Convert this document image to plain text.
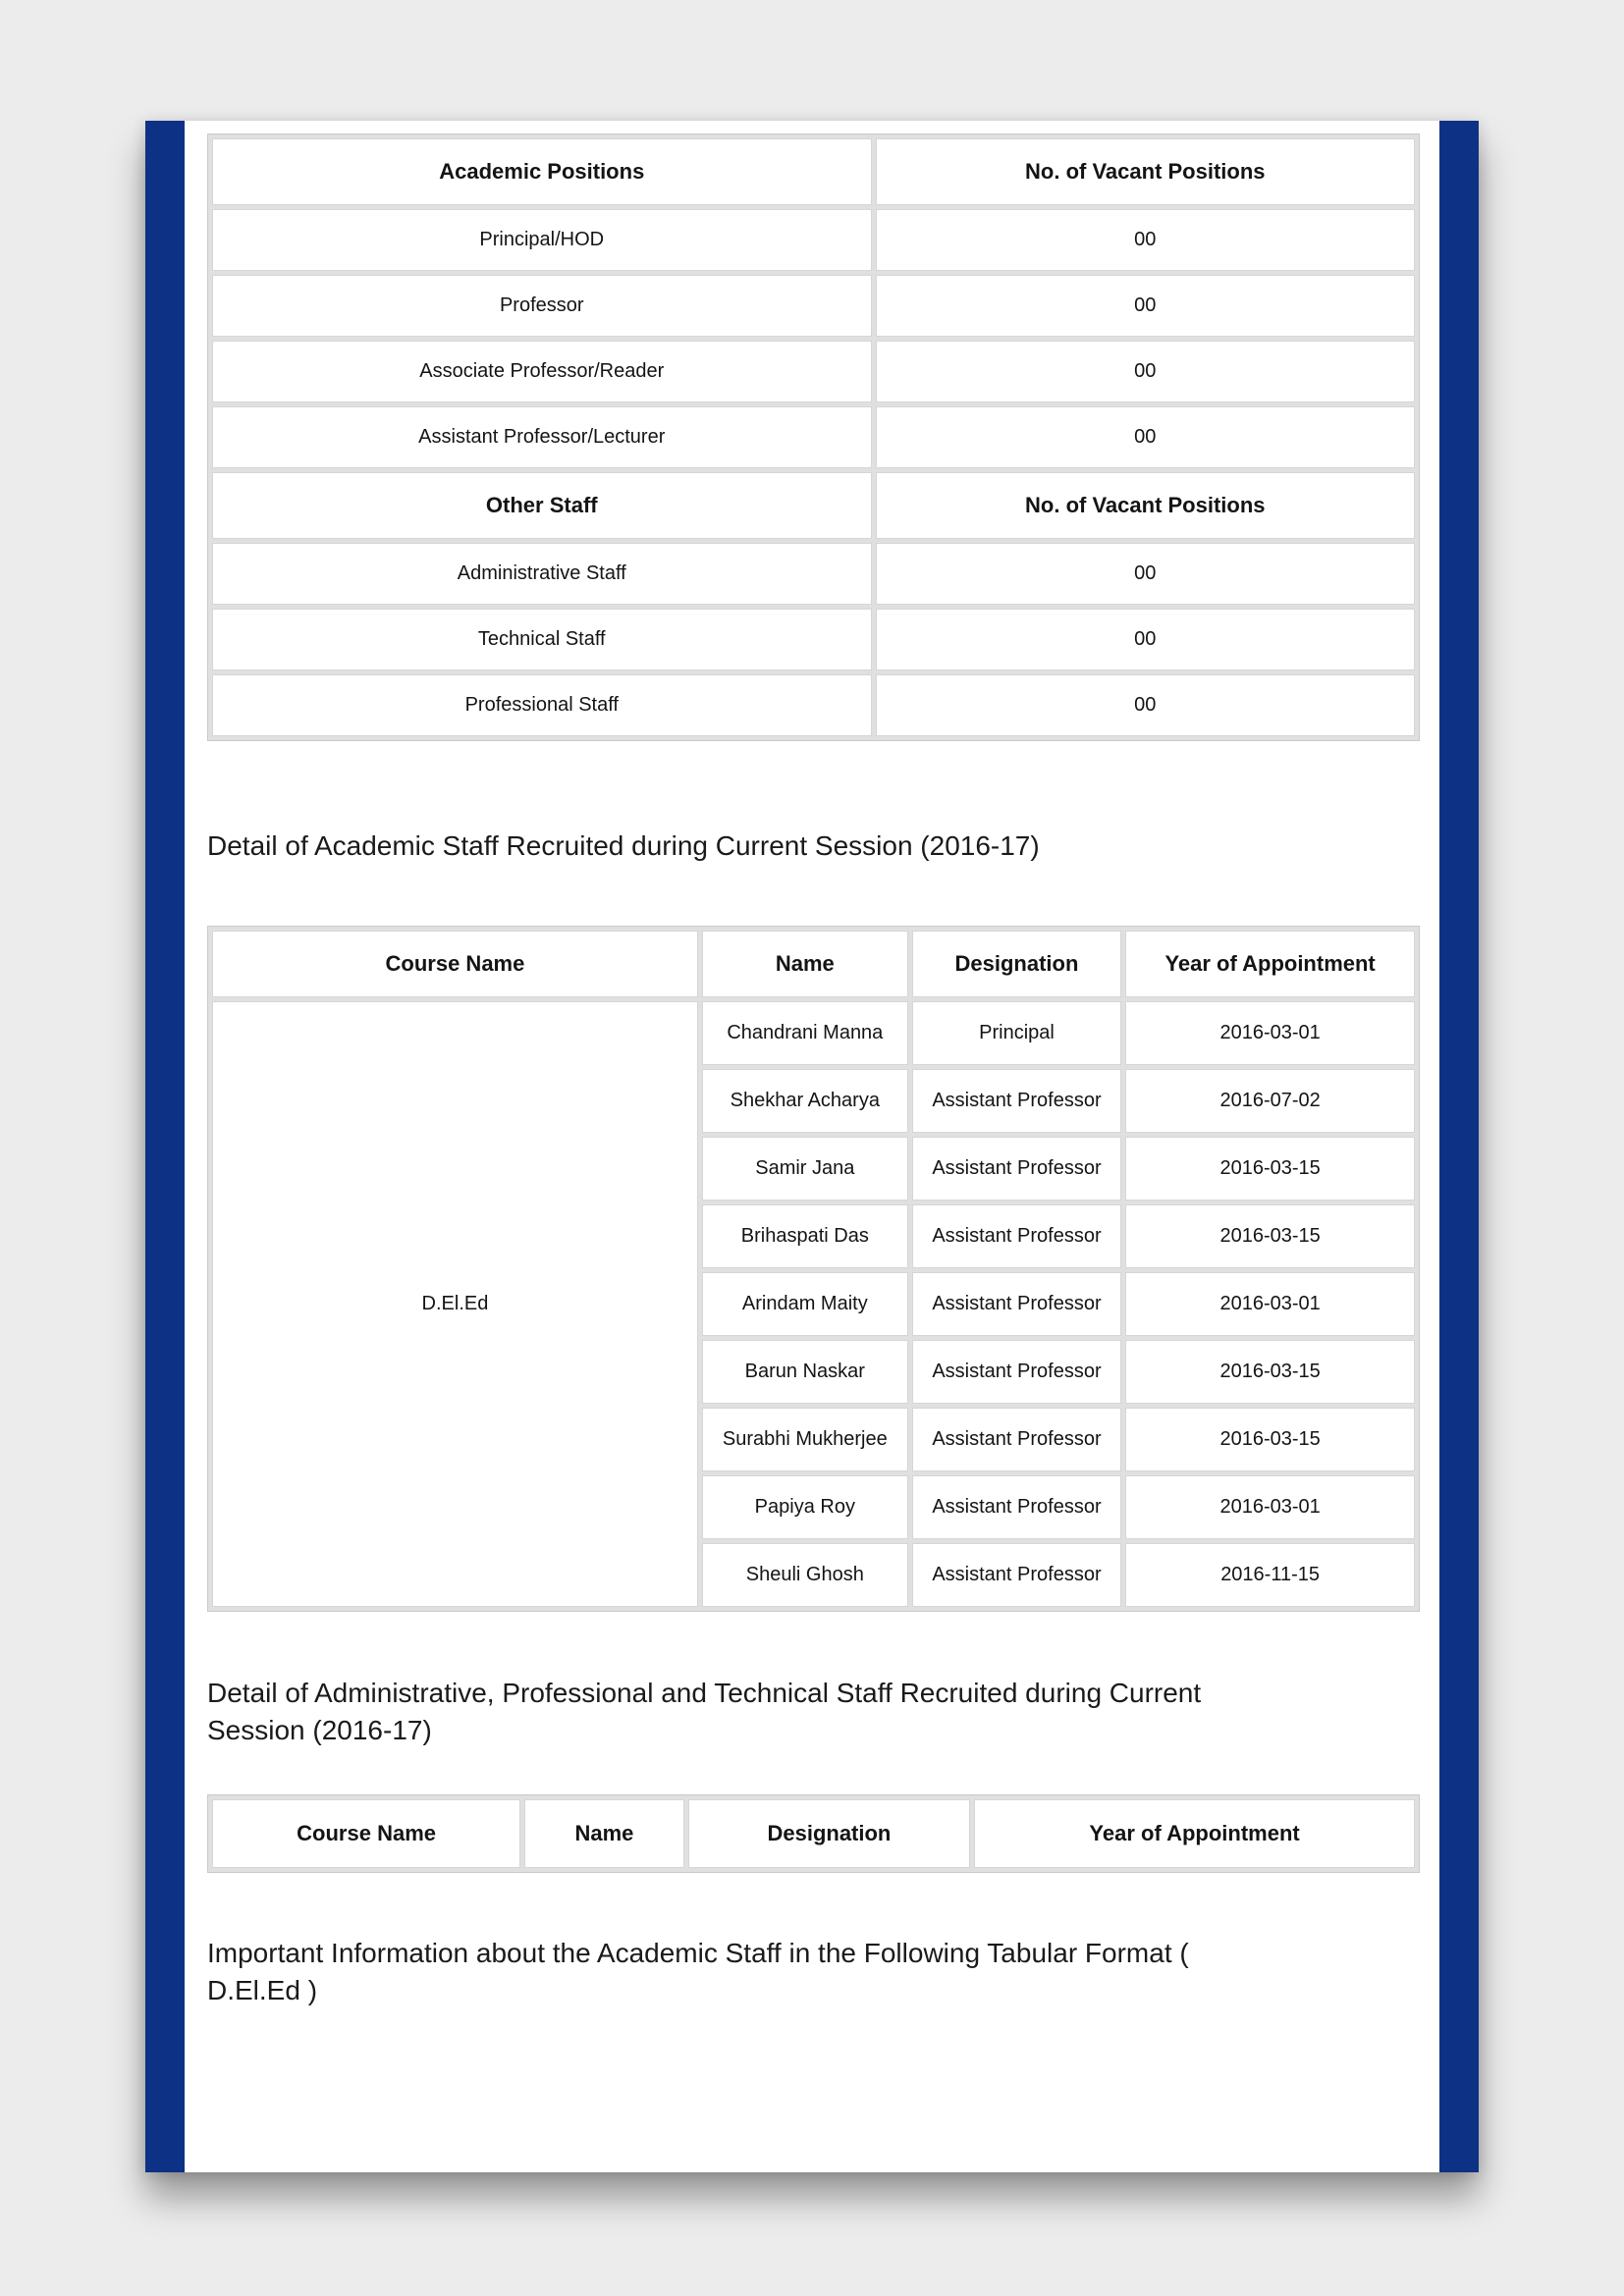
Academic Positions	No. of Vacant Positions
Principal/HOD	00
Professor	00
Associate Professor/Reader	00
Assistant Professor/Lecturer	00
Other Staff	No. of Vacant Positions
Administrative Staff	00
Technical Staff	00
Professional Staff	00
Detail of Academic Staff Recruited during Current Session (2016-17)
Course Name	Name	Designation	Year of Appointment
D.El.Ed	Chandrani Manna	Principal	2016-03-01
	Shekhar Acharya	Assistant Professor	2016-07-02
	Samir Jana	Assistant Professor	2016-03-15
	Brihaspati Das	Assistant Professor	2016-03-15
	Arindam Maity	Assistant Professor	2016-03-01
	Barun Naskar	Assistant Professor	2016-03-15
	Surabhi Mukherjee	Assistant Professor	2016-03-15
	Papiya Roy	Assistant Professor	2016-03-01
	Sheuli Ghosh	Assistant Professor	2016-11-15
Detail of Administrative, Professional and Technical Staff Recruited during Current
Session (2016-17)
Course Name	Name	Designation	Year of Appointment
Important Information about the Academic Staff in the Following Tabular Format (
D.El.Ed )
